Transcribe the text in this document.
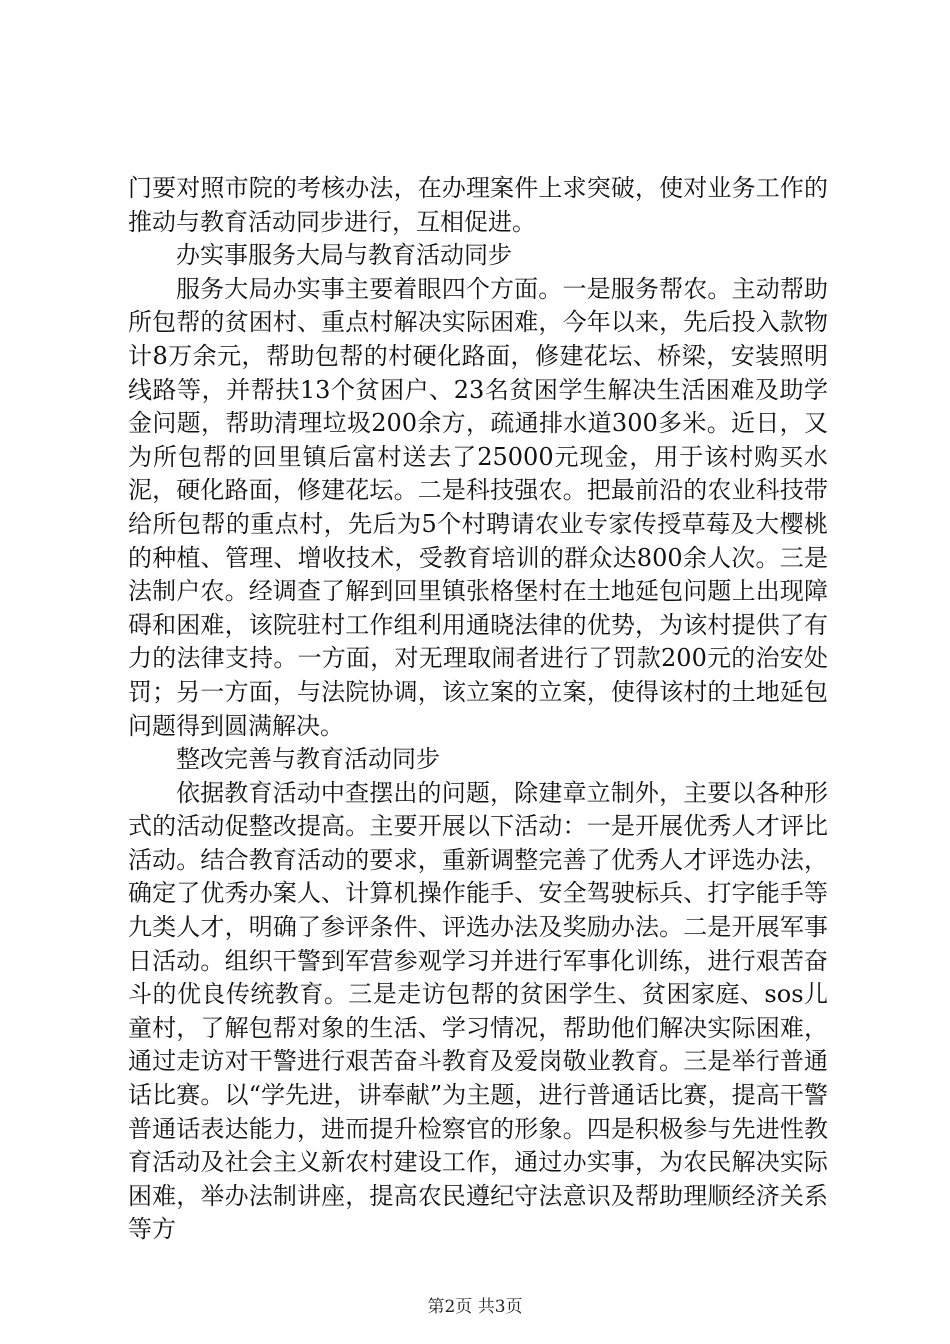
门要对照市院的考核办法，在办理案件上求突破，使对业务工作的推动与教育活动同步进行，互相促进。

办实事服务大局与教育活动同步

服务大局办实事主要着眼四个方面。一是服务帮农。主动帮助所包帮的贫困村、重点村解决实际困难，今年以来，先后投入款物计8万余元，帮助包帮的村硬化路面，修建花坛、桥梁，安装照明线路等，并帮扶13个贫困户、23名贫困学生解决生活困难及助学金问题，帮助清理垃圾200余方，疏通排水道300多米。近日，又为所包帮的回里镇后富村送去了25000元现金，用于该村购买水泥，硬化路面，修建花坛。二是科技强农。把最前沿的农业科技带给所包帮的重点村，先后为5个村聘请农业专家传授草莓及大樱桃的种植、管理、增收技术，受教育培训的群众达800余人次。三是法制户农。经调查了解到回里镇张格堡村在土地延包问题上出现障碍和困难，该院驻村工作组利用通晓法律的优势，为该村提供了有力的法律支持。一方面，对无理取闹者进行了罚款200元的治安处罚；另一方面，与法院协调，该立案的立案，使得该村的土地延包问题得到圆满解决。

整改完善与教育活动同步

依据教育活动中查摆出的问题，除建章立制外，主要以各种形式的活动促整改提高。主要开展以下活动：一是开展优秀人才评比活动。结合教育活动的要求，重新调整完善了优秀人才评选办法，确定了优秀办案人、计算机操作能手、安全驾驶标兵、打字能手等九类人才，明确了参评条件、评选办法及奖励办法。二是开展军事日活动。组织干警到军营参观学习并进行军事化训练，进行艰苦奋斗的优良传统教育。三是走访包帮的贫困学生、贫困家庭、sos儿童村，了解包帮对象的生活、学习情况，帮助他们解决实际困难，通过走访对干警进行艰苦奋斗教育及爱岗敬业教育。三是举行普通话比赛。以“学先进，讲奉献”为主题，进行普通话比赛，提高干警普通话表达能力，进而提升检察官的形象。四是积极参与先进性教育活动及社会主义新农村建设工作，通过办实事，为农民解决实际困难，举办法制讲座，提高农民遵纪守法意识及帮助理顺经济关系等方

第2页 共3页
